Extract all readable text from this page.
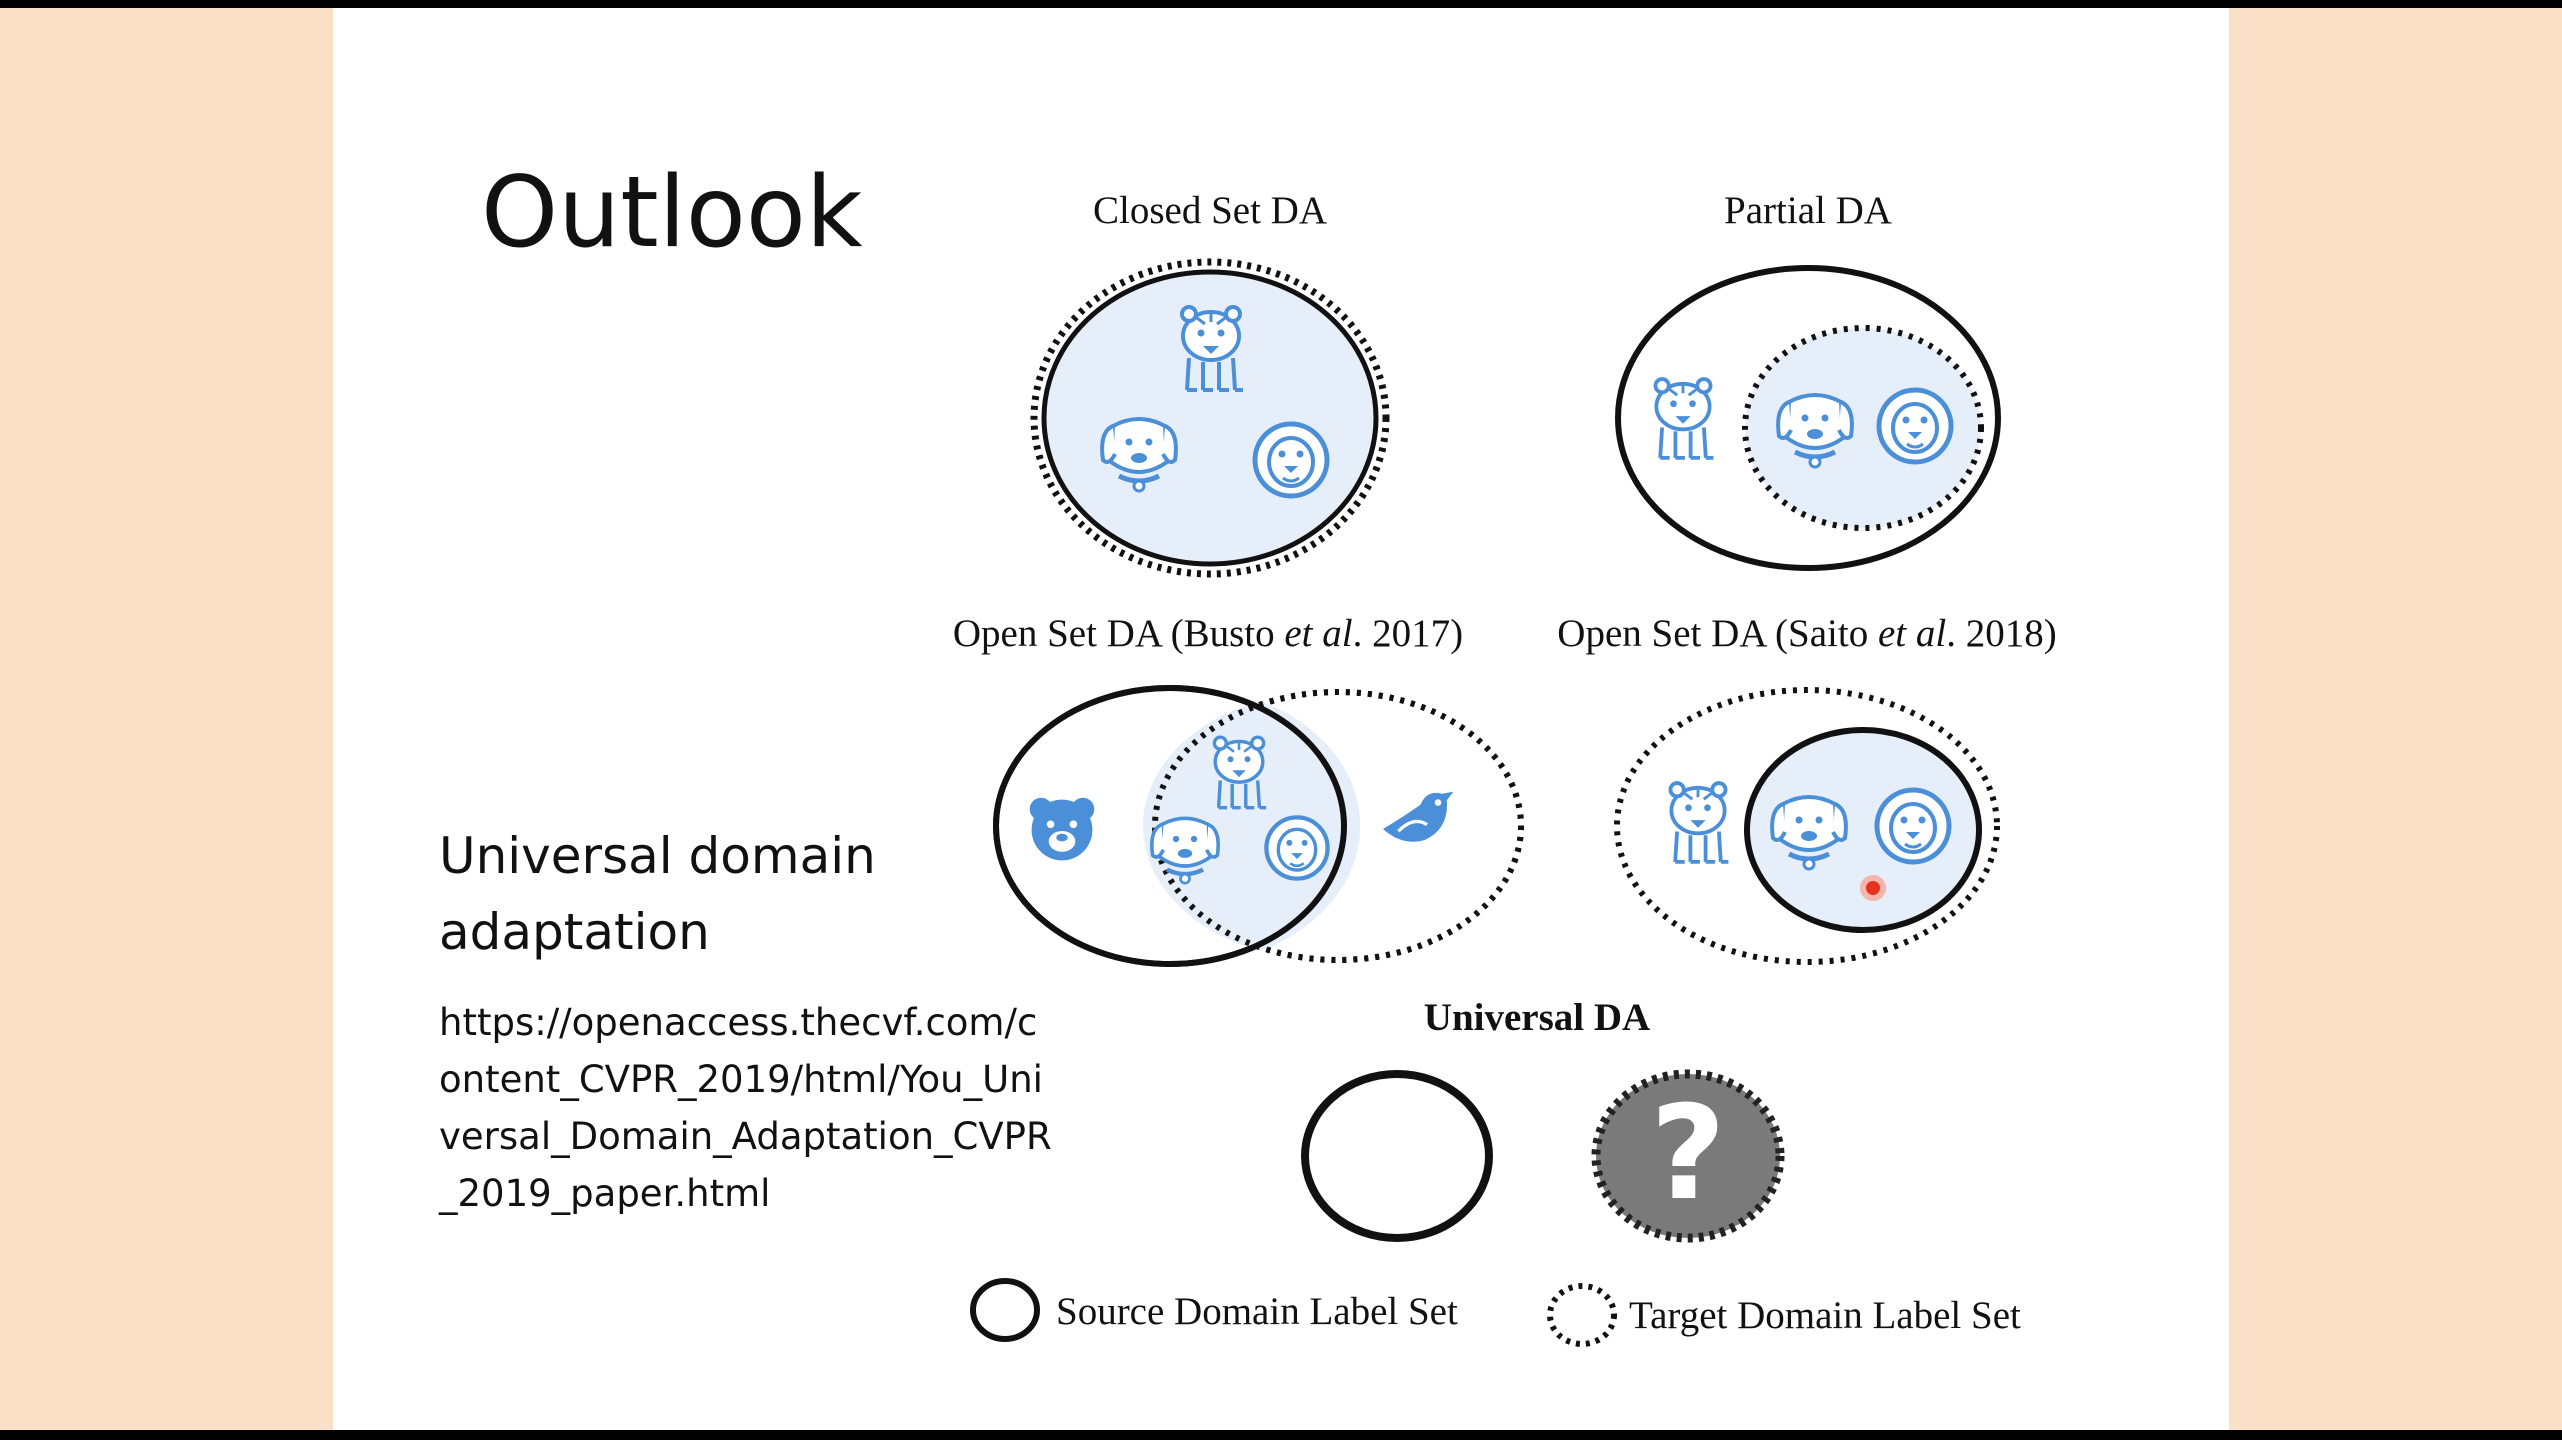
Outlook
Universal domain adaptation
https://openaccess.thecvf.com/content_CVPR_2019/html/You_Universal_Domain_Adaptation_CVPR_2019_paper.html
Closed Set DA	Partial DA
Open Set DA (Busto et al. 2017) Open Set DA (Saito et al. 2018)
Universal DA
?
Source Domain Label Set	Target Domain Label Set
